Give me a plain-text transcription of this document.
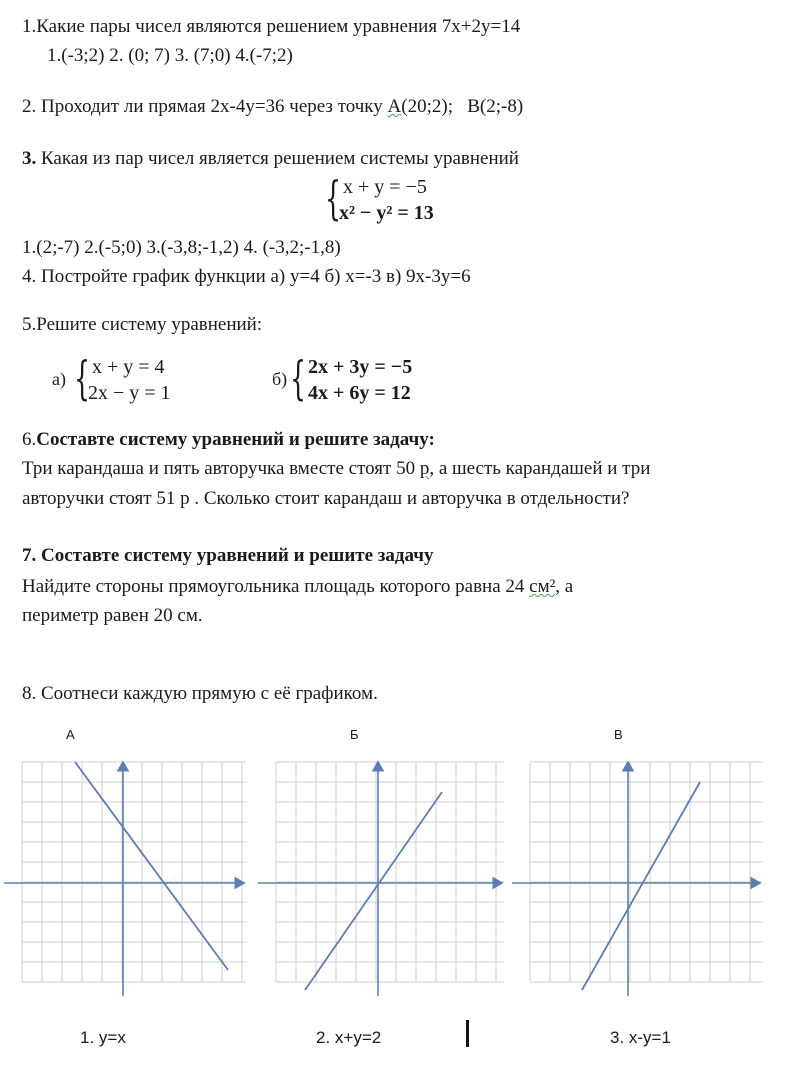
1.Какие пары чисел являются решением уравнения 7x+2y=14
1.(-3;2) 2. (0; 7) 3. (7;0) 4.(-7;2)
2. Проходит ли прямая 2x-4y=36 через точку A(20;2); B(2;-8)
3. Какая из пар чисел является решением системы уравнений
{ x + y = −5
x² − y² = 13
1.(2;-7) 2.(-5;0) 3.(-3,8;-1,2) 4. (-3,2;-1,8)
4. Постройте график функции а) y=4 б) x=-3 в) 9x-3y=6
5.Решите систему уравнений:
а) { x + y = 4
2x − y = 1
б) { 2x + 3y = −5
4x + 6y = 12
6.Составте систему уравнений и решите задачу:
Три карандаша и пять авторучка вместе стоят 50 р, а шесть карандашей и три
авторучки стоят 51 р . Сколько стоит карандаш и авторучка в отдельности?
7. Составте систему уравнений и решите задачу
Найдите стороны прямоугольника площадь которого равна 24 см², а
периметр равен 20 см.
8. Соотнеси каждую прямую с её графиком.
А	Б	В
1. y=x	2. x+y=2	3. x-y=1
